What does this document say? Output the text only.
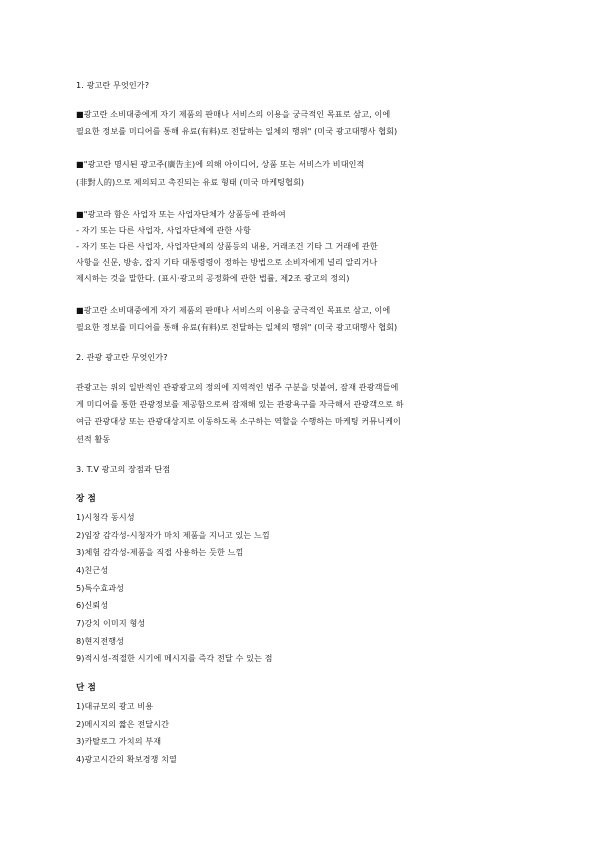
1. 광고란 무엇인가?
■광고란 소비대중에게 자기 제품의 판매나 서비스의 이용을 궁극적인 목표로 삼고, 이에
필요한 정보를 미디어를 통해 유료(有料)로 전달하는 일체의 행위" (미국 광고대행사 협회)
■"광고란 명시된 광고주(廣告主)에 의해 아이디어, 상품 또는 서비스가 비대인적
(非對人的)으로 제의되고 촉진되는 유료 형태 (미국 마케팅협회)
■"광고라 함은 사업자 또는 사업자단체가 상품등에 관하여
- 자기 또는 다른 사업자, 사업자단체에 관한 사항
- 자기 또는 다른 사업자, 사업자단체의 상품등의 내용, 거래조건 기타 그 거래에 관한
사항을 신문, 방송, 잡지 기타 대통령령이 정하는 방법으로 소비자에게 널리 알리거나
제시하는 것을 말한다. (표시·광고의 공정화에 관한 법률, 제2조 광고의 정의)
■광고란 소비대중에게 자기 제품의 판매나 서비스의 이용을 궁극적인 목표로 삼고, 이에
필요한 정보를 미디어를 통해 유료(有料)로 전달하는 일체의 행위" (미국 광고대행사 협회)
2. 관광 광고란 무엇인가?
관광고는 위의 일반적인 관광광고의 정의에 지역적인 범주 구분을 덧붙여, 잠재 관광객들에
게 미디어를 통한 관광정보를 제공함으로써 잠재해 있는 관광욕구를 자극해서 관광객으로 하
여금 관광대상 또는 관광대상지로 이동하도록 소구하는 역할을 수행하는 마케팅 커뮤니케이
션적 활동
3. T.V 광고의 장점과 단점
장 점
1)시청각 동시성
2)임장 감각성-시청자가 마치 제품을 지니고 있는 느낌
3)체험 감각성-제품을 직접 사용하는 듯한 느낌
4)친근성
5)특수효과성
6)신뢰성
7)강치 이미지 형성
8)현지전행성
9)적시성-적절한 시기에 메시지를 즉각 전달 수 있는 점
단 점
1)대규모의 광고 비용
2)메시지의 짧은 전달시간
3)카탈로그 가치의 부재
4)광고시간의 확보경쟁 치열
